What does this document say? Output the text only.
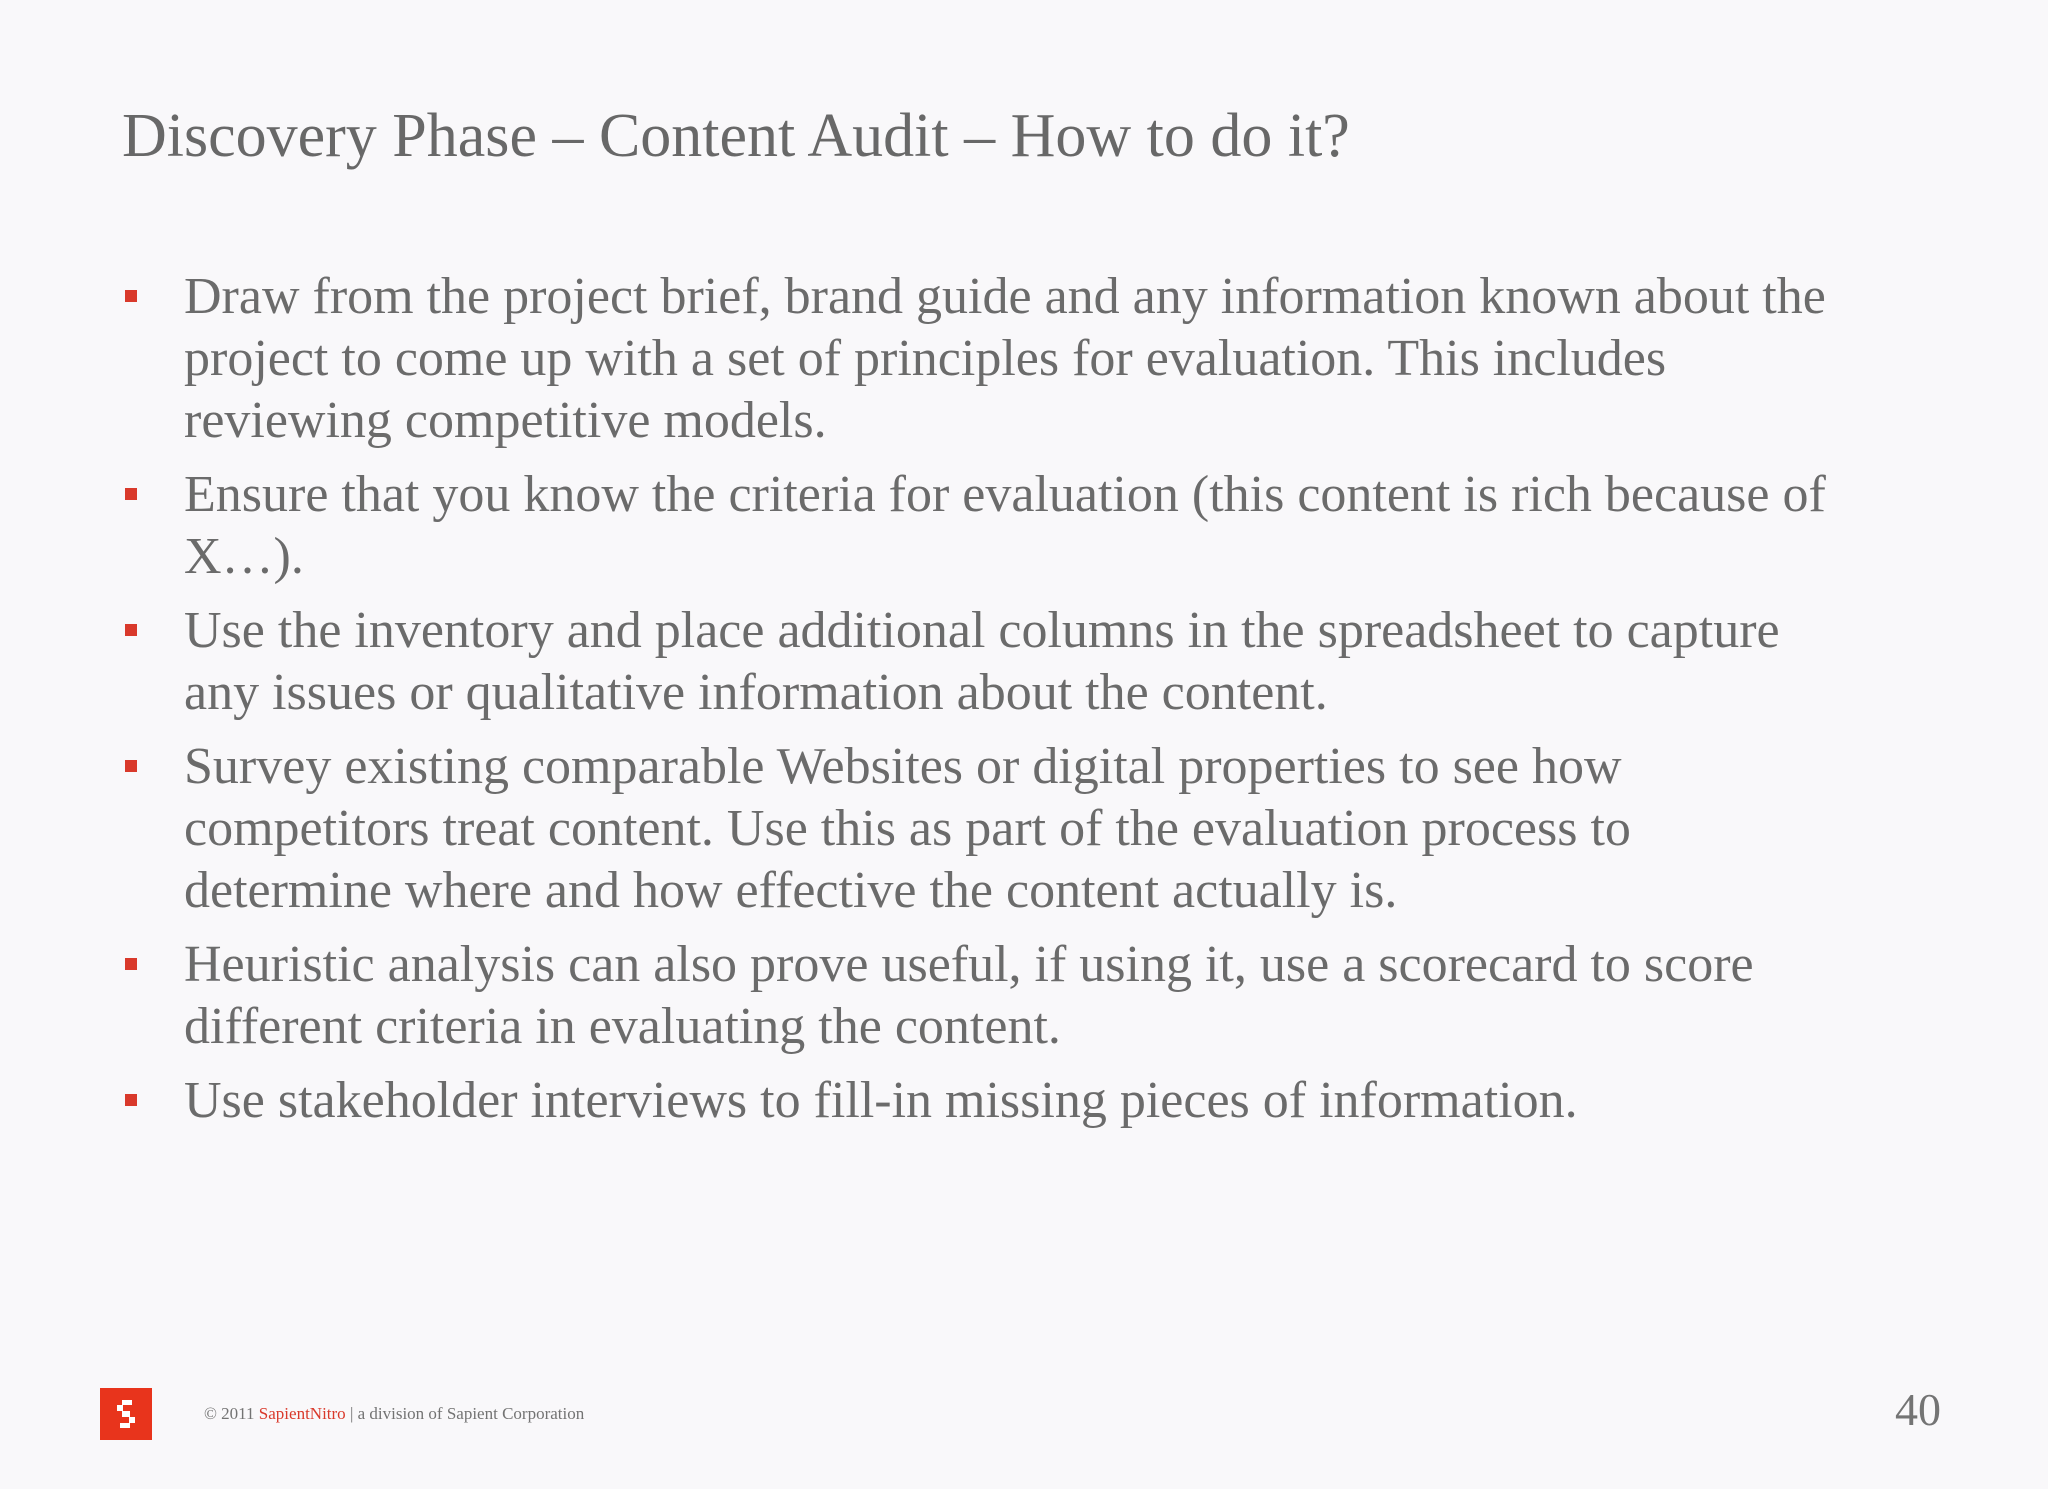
Discovery Phase – Content Audit – How to do it?
Draw from the project brief, brand guide and any information known about the project to come up with a set of principles for evaluation. This includes reviewing competitive models.
Ensure that you know the criteria for evaluation (this content is rich because of X…).
Use the inventory and place additional columns in the spreadsheet to capture any issues or qualitative information about the content.
Survey existing comparable Websites or digital properties to see how competitors treat content. Use this as part of the evaluation process to determine where and how effective the content actually is.
Heuristic analysis can also prove useful, if using it, use a scorecard to score different criteria in evaluating the content.
Use stakeholder interviews to fill-in missing pieces of information.
© 2011 SapientNitro | a division of Sapient Corporation	40
